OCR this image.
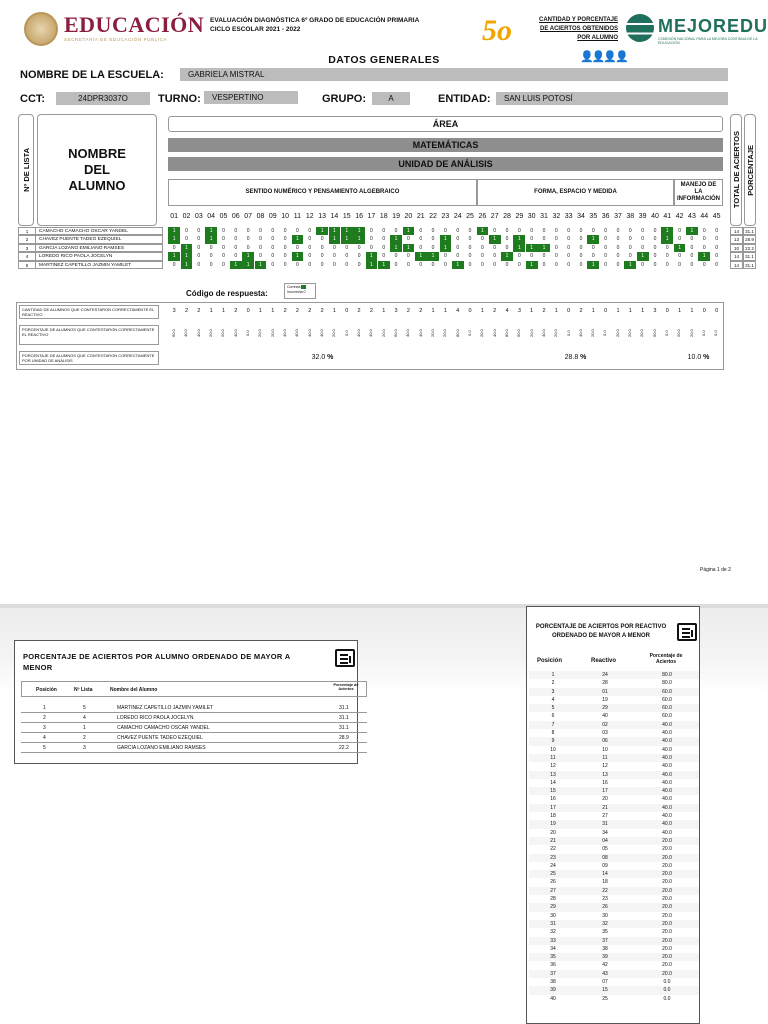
EDUCACIÓN
SECRETARÍA DE EDUCACIÓN PÚBLICA
EVALUACIÓN DIAGNÓSTICA 6º GRADO DE EDUCACIÓN PRIMARIA
CICLO ESCOLAR 2021 - 2022	5o	CANTIDAD Y PORCENTAJE
DE ACIERTOS OBTENIDOS
POR ALUMNO
👤👤👤👤
MEJOREDU
COMISIÓN NACIONAL PARA LA MEJORA CONTINUA DE LA EDUCACIÓN
DATOS GENERALES
NOMBRE DE LA ESCUELA:	GABRIELA MISTRAL
CCT:	24DPR3037O	TURNO:	VESPERTINO	GRUPO:	A	ENTIDAD:	SAN LUIS POTOSÍ
Nº DE LISTA	NOMBRE DEL ALUMNO
ÁREA
MATEMÁTICAS
UNIDAD DE ANÁLISIS
SENTIDO NUMÉRICO Y PENSAMIENTO ALGEBRAICO	FORMA, ESPACIO Y MEDIDA
MANEJO DE LA INFORMACIÓN	TOTAL DE ACIERTOS PORCENTAJE
01 02 03 04 05 06 07 08 09 10 11 12 13 14 15 16 17 18 19 20 21 22 23 24 25 26 27 28 29 30 31 32 33 34 35 36 37 38 39 40 41 42 43 44 45
1	CAMACHO CAMACHO OSCAR YANDEL
2	CHAVEZ PUENTE TADEO EZEQUIEL
3	GARCIA LOZANO EMILIANO RAMSES
4	LOREDO RICO PAOLA JOCELYN
5	MARTINEZ CAPETILLO JAZMIN YAMILET
1	0	0	1	0	0	0	0	0	0	0	0	1	1	1	1	0	0	0	1	0	0	0	0	0	1	0	0	0	0	0	0	0	0	0	0	0	0	0	0	1	0	1	0	0
1	0	0	1	0	0	0	0	0	0	1	0	0	1	1	1	0	0	1	0	0	0	1	0	0	0	1	0	1	0	0	0	0	0	1	0	0	0	0	0	1	0	0	0	0
0	1	0	0	0	0	0	0	0	0	0	0	0	0	0	0	0	0	1	1	0	0	1	0	0	0	0	0	1	1	1	0	0	0	0	0	0	0	0	0	0	1	0	0	0
1	1	0	0	0	0	1	0	0	0	1	0	0	0	0	0	1	0	0	0	1	1	0	0	0	0	0	1	0	0	0	0	0	0	0	0	0	0	1	0	0	0	0	1	0
0	1	0	0	0	1	1	1	0	0	0	0	0	0	0	0	1	1	0	0	0	0	0	1	0	0	0	0	0	1	0	0	0	0	1	0	0	1	0	0	0	0	0	0	0
14	31.1
13	28.9
10	22.2
14	31.1
14	31.1
Código de respuesta:
Correcta
Incorrecta 0
CANTIDAD DE ALUMNOS QUE CONTESTARON CORRECTAMENTE EL REACTIVO
PORCENTAJE DE ALUMNOS QUE CONTESTARON CORRECTAMENTE EL REACTIVO
PORCENTAJE DE ALUMNOS QUE CONTESTARON CORRECTAMENTE POR UNIDAD DE ANÁLISIS
3	2	2	1	1	2	0	1	1	2	2	2	2	1	0	2	2	1	3	2	2	1	1	4	0	1	2	4	3	1	2	1	0	2	1	0	1	1	1	3	0	1	1	0	0
60.0	40.0	40.0	20.0	20.0	40.0	0.0	20.0	20.0	40.0	40.0	40.0	40.0	20.0	0.0	40.0	40.0	20.0	60.0	40.0	40.0	20.0	20.0	80.0	0.0	20.0	40.0	80.0	60.0	20.0	40.0	20.0	0.0	40.0	20.0	0.0	20.0	20.0	20.0	60.0	0.0	20.0	20.0	0.0	0.0
32.0 %	28.8 %	10.0 %
Página 1 de 2
PORCENTAJE DE ACIERTOS POR ALUMNO ORDENADO DE MAYOR A MENOR
Posición	Nº Lista	Nombre del Alumno
Porcentaje de Aciertos
1	5	MARTINEZ CAPETILLO JAZMIN YAMILET	31.1
2	4	LOREDO RICO PAOLA JOCELYN	31.1
3	1	CAMACHO CAMACHO OSCAR YANDEL	31.1
4	2	CHAVEZ PUENTE TADEO EZEQUIEL	28.9
5	3	GARCIA LOZANO EMILIANO RAMSES	22.2
PORCENTAJE DE ACIERTOS POR REACTIVO ORDENADO DE MAYOR A MENOR
Posición	Reactivo
Porcentaje de Aciertos
1	24	80.0
2	28	80.0
3	01	60.0
4	19	60.0
5	29	60.0
6	40	60.0
7	02	40.0
8	03	40.0
9	06	40.0
10	10	40.0
11	11	40.0
12	12	40.0
13	13	40.0
14	16	40.0
15	17	40.0
16	20	40.0
17	21	40.0
18	27	40.0
19	31	40.0
20	34	40.0
21	04	20.0
22	05	20.0
23	08	20.0
24	09	20.0
25	14	20.0
26	18	20.0
27	22	20.0
28	23	20.0
29	26	20.0
30	30	20.0
31	32	20.0
32	35	20.0
33	37	20.0
34	38	20.0
35	39	20.0
36	42	20.0
37	43	20.0
38	07	0.0
39	15	0.0
40	25	0.0
